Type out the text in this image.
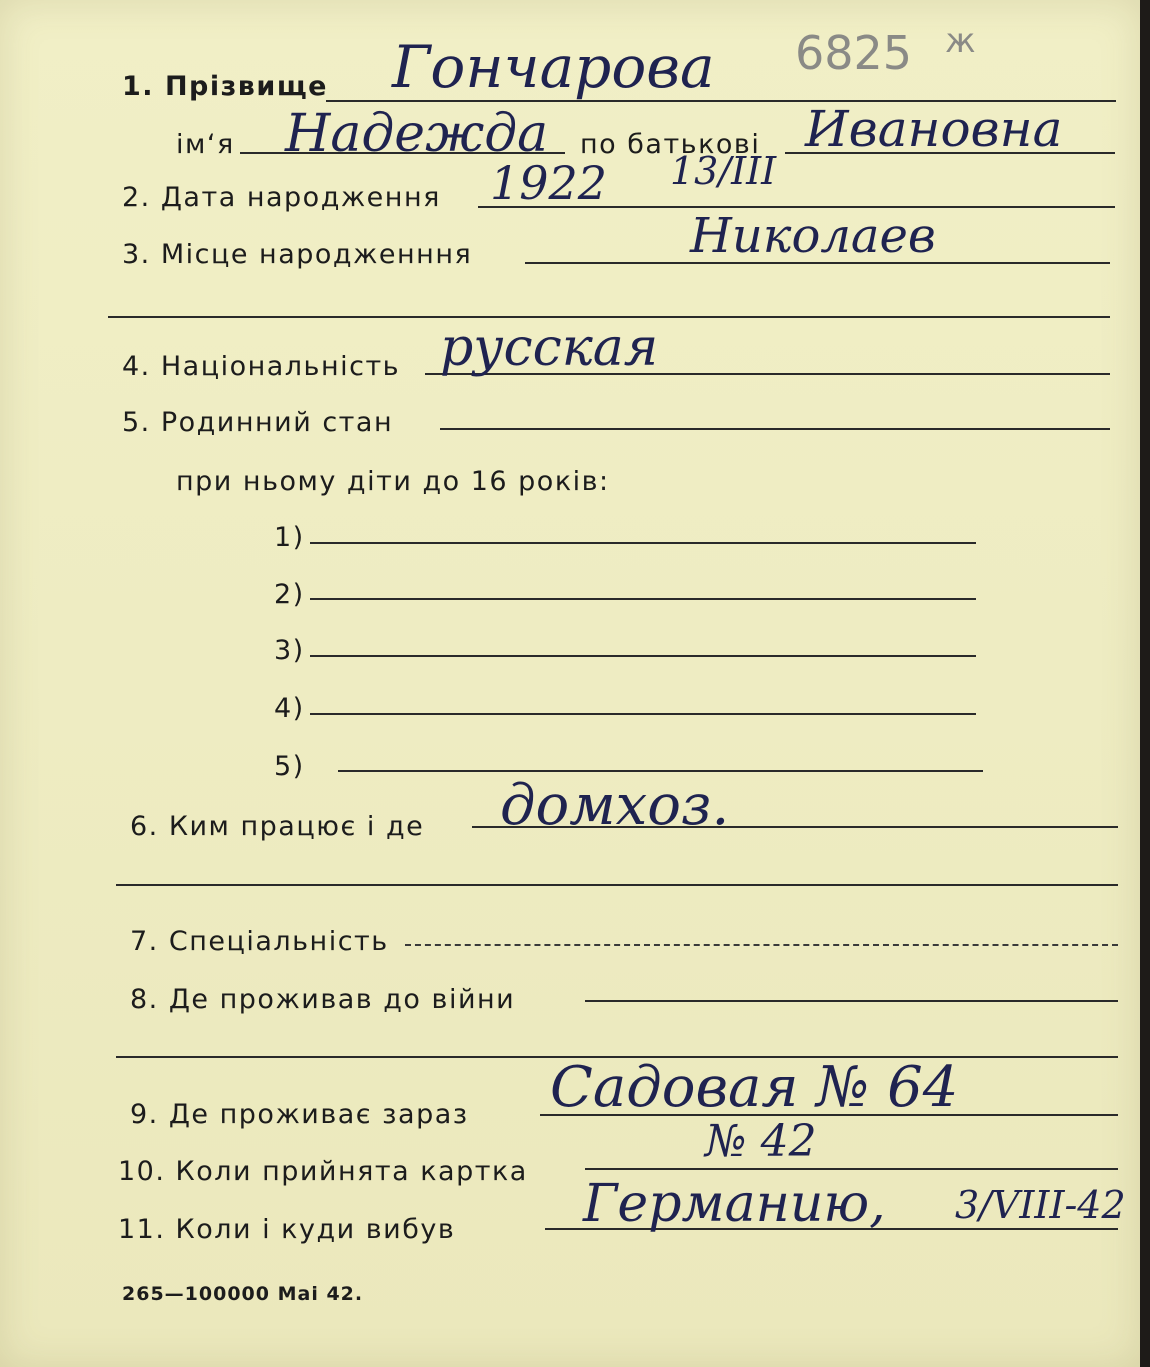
1. Прізвище Гончарова 6825 ж
ім‘я Надежда по батькові Ивановна
2. Дата народження 1922 13/III
3. Місце народженння	Николаев
4. Національність русская
5. Родинний стан
при ньому діти до 16 років:
1)
2)
3)
4)
5)
6. Ким працює і де домхоз.
7. Спеціальність
8. Де проживав до війни
9. Де проживає зараз Садовая № 64
№ 42
10. Коли прийнята картка
11. Коли і куди вибув Германию, 3/VIII-42
265—100000 Mai 42.
